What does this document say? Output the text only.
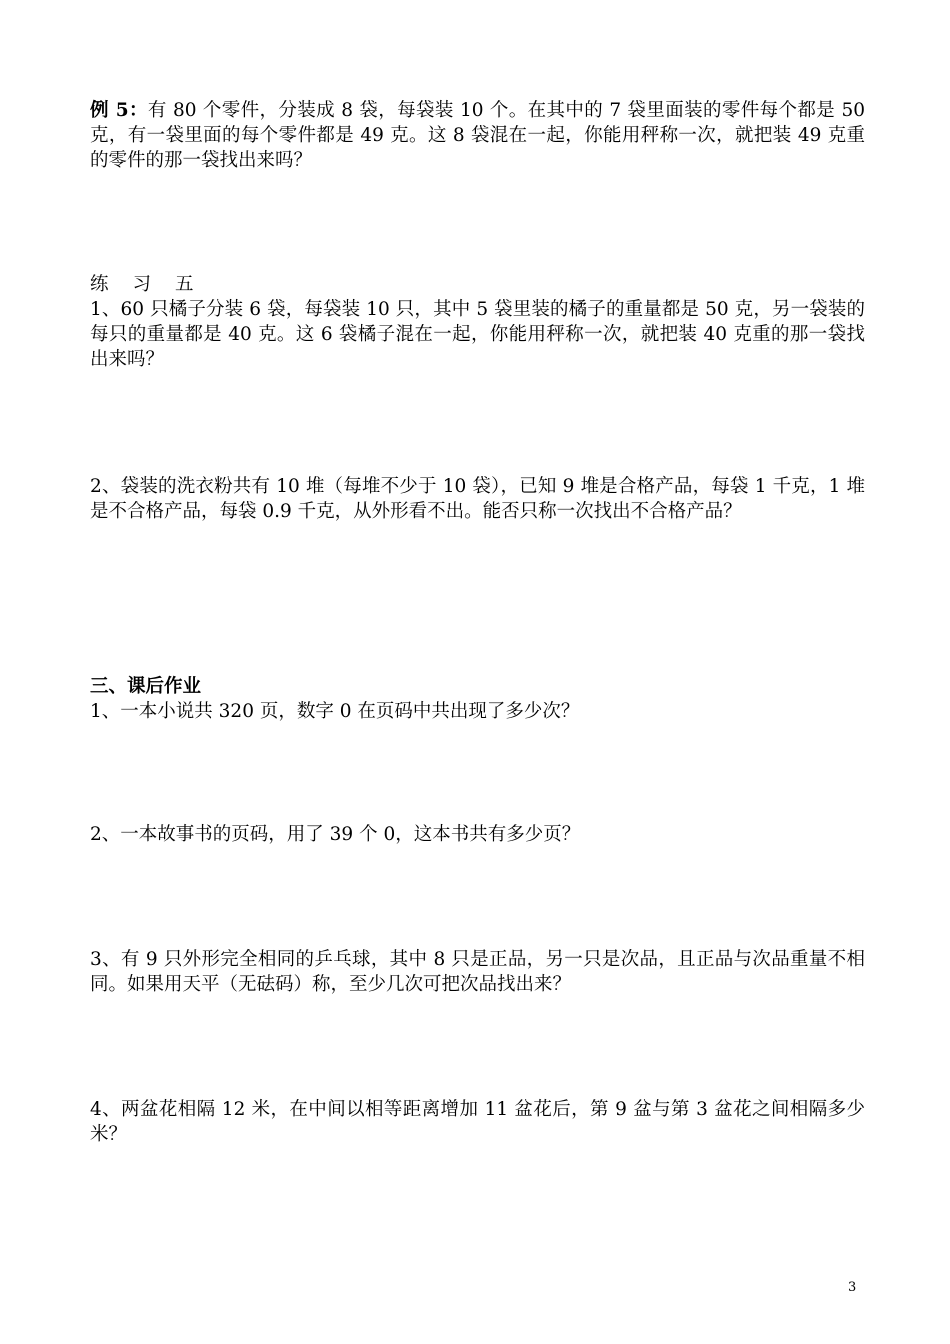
例 5：有 80 个零件，分装成 8 袋，每袋装 10 个。在其中的 7 袋里面装的零件每个都是 50 克，有一袋里面的每个零件都是 49 克。这 8 袋混在一起，你能用秤称一次，就把装 49 克重的零件的那一袋找出来吗？
练 习 五
1、60 只橘子分装 6 袋，每袋装 10 只，其中 5 袋里装的橘子的重量都是 50 克，另一袋装的每只的重量都是 40 克。这 6 袋橘子混在一起，你能用秤称一次，就把装 40 克重的那一袋找出来吗？
2、袋装的洗衣粉共有 10 堆（每堆不少于 10 袋），已知 9 堆是合格产品，每袋 1 千克，1 堆是不合格产品，每袋 0.9 千克，从外形看不出。能否只称一次找出不合格产品？
三、课后作业
1、一本小说共 320 页，数字 0 在页码中共出现了多少次？
2、一本故事书的页码，用了 39 个 0，这本书共有多少页？
3、有 9 只外形完全相同的乒乓球，其中 8 只是正品，另一只是次品，且正品与次品重量不相同。如果用天平（无砝码）称，至少几次可把次品找出来？
4、两盆花相隔 12 米，在中间以相等距离增加 11 盆花后，第 9 盆与第 3 盆花之间相隔多少米？
3
